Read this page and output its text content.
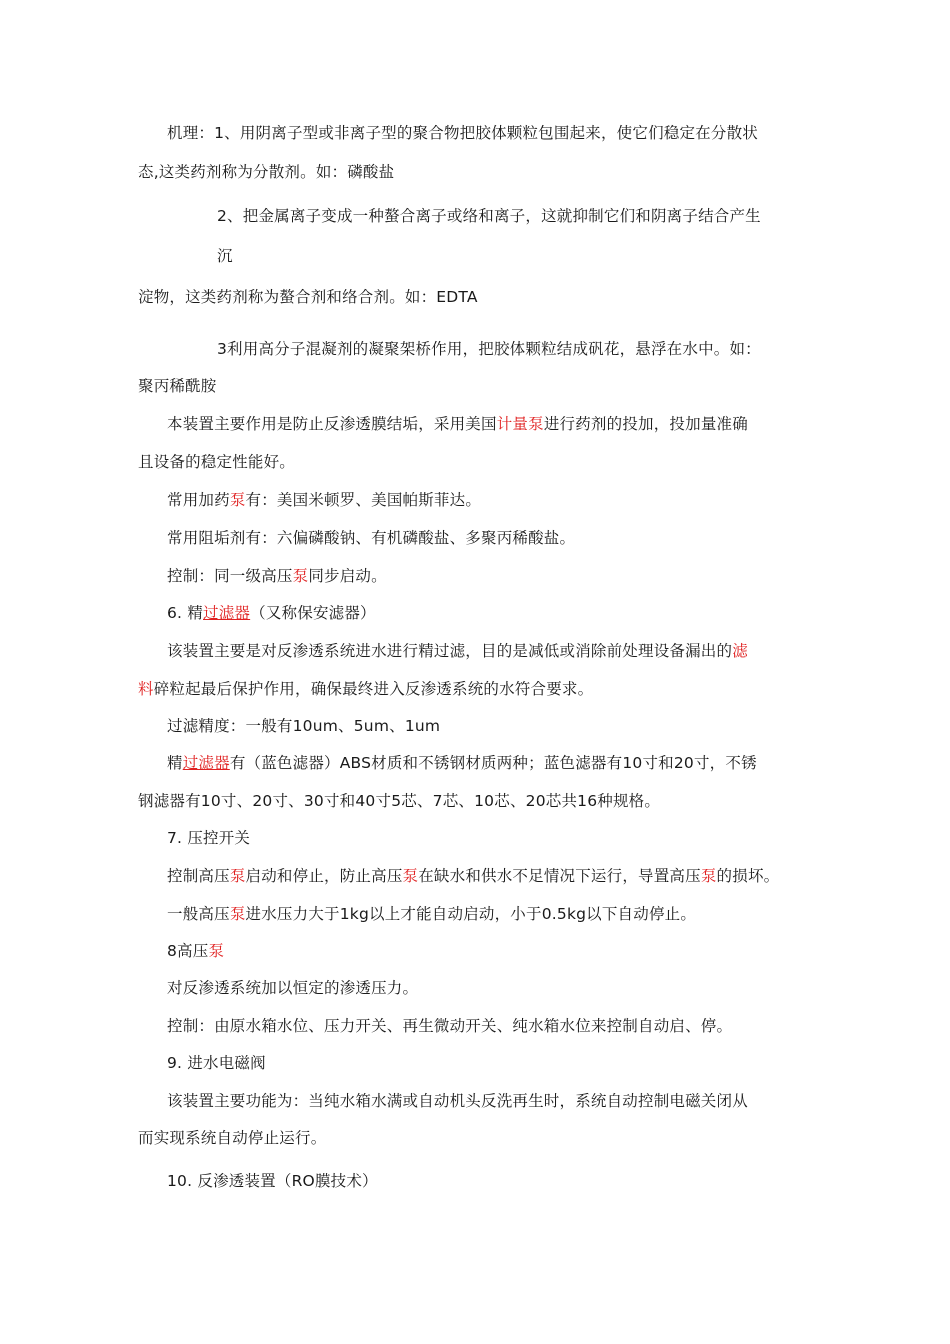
机理：1、用阴离子型或非离子型的聚合物把胶体颗粒包围起来，使它们稳定在分散状
态,这类药剂称为分散剂。如：磷酸盐
2、把金属离子变成一种螯合离子或络和离子，这就抑制它们和阴离子结合产生
沉
淀物，这类药剂称为螯合剂和络合剂。如：EDTA
3利用高分子混凝剂的凝聚架桥作用，把胶体颗粒结成矾花，悬浮在水中。如：
聚丙稀酰胺
本装置主要作用是防止反渗透膜结垢，采用美国计量泵进行药剂的投加，投加量准确
且设备的稳定性能好。
常用加药泵有：美国米顿罗、美国帕斯菲达。
常用阻垢剂有：六偏磷酸钠、有机磷酸盐、多聚丙稀酸盐。
控制：同一级高压泵同步启动。
6. 精过滤器（又称保安滤器）
该装置主要是对反渗透系统进水进行精过滤，目的是减低或消除前处理设备漏出的滤
料碎粒起最后保护作用，确保最终进入反渗透系统的水符合要求。
过滤精度：一般有10um、5um、1um
精过滤器有（蓝色滤器）ABS材质和不锈钢材质两种；蓝色滤器有10寸和20寸，不锈
钢滤器有10寸、20寸、30寸和40寸5芯、7芯、10芯、20芯共16种规格。
7. 压控开关
控制高压泵启动和停止，防止高压泵在缺水和供水不足情况下运行，导置高压泵的损坏。
一般高压泵进水压力大于1kg以上才能自动启动，小于0.5kg以下自动停止。
8高压泵
对反渗透系统加以恒定的渗透压力。
控制：由原水箱水位、压力开关、再生微动开关、纯水箱水位来控制自动启、停。
9. 进水电磁阀
该装置主要功能为：当纯水箱水满或自动机头反洗再生时，系统自动控制电磁关闭从
而实现系统自动停止运行。
10. 反渗透装置（RO膜技术）
